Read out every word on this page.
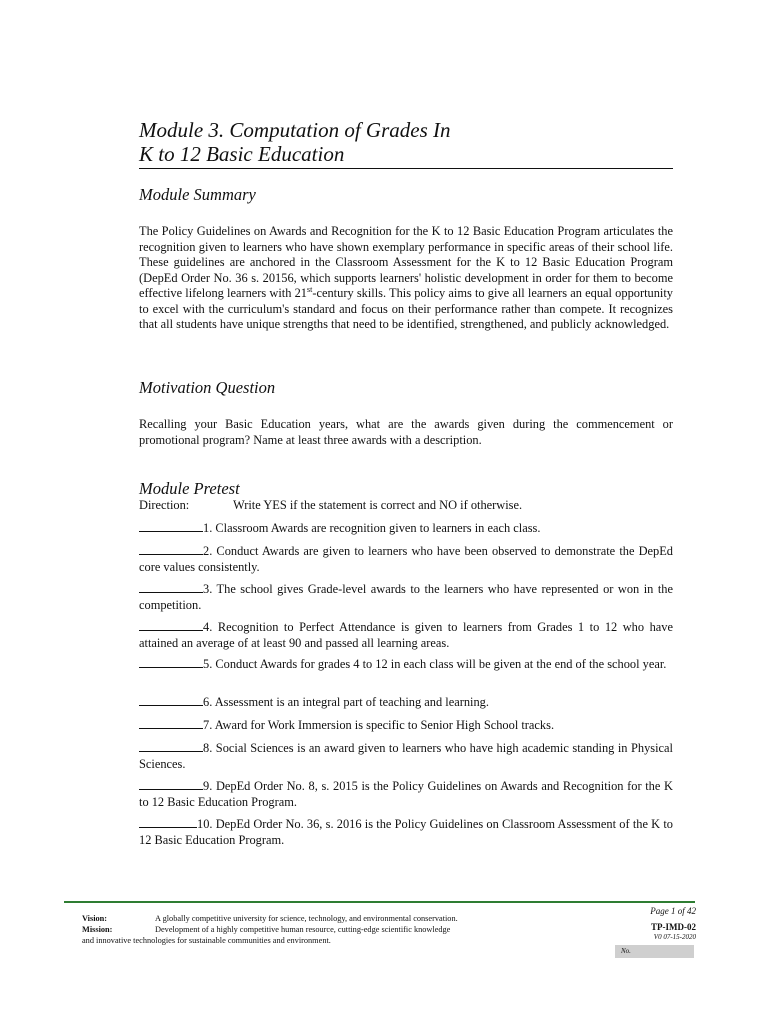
Module 3. Computation of Grades In
K to 12 Basic Education
Module Summary
The Policy Guidelines on Awards and Recognition for the K to 12 Basic Education Program articulates the recognition given to learners who have shown exemplary performance in specific areas of their school life. These guidelines are anchored in the Classroom Assessment for the K to 12 Basic Education Program (DepEd Order No. 36 s. 20156, which supports learners' holistic development in order for them to become effective lifelong learners with 21st-century skills. This policy aims to give all learners an equal opportunity to excel with the curriculum's standard and focus on their performance rather than compete. It recognizes that all students have unique strengths that need to be identified, strengthened, and publicly acknowledged.
Motivation Question
Recalling your Basic Education years, what are the awards given during the commencement or promotional program? Name at least three awards with a description.
Module Pretest
Direction:	Write YES if the statement is correct and NO if otherwise.
1. Classroom Awards are recognition given to learners in each class.
2. Conduct Awards are given to learners who have been observed to demonstrate the DepEd core values consistently.
3. The school gives Grade-level awards to the learners who have represented or won in the competition.
4. Recognition to Perfect Attendance is given to learners from Grades 1 to 12 who have attained an average of at least 90 and passed all learning areas.
5. Conduct Awards for grades 4 to 12 in each class will be given at the end of the school year.
6. Assessment is an integral part of teaching and learning.
7. Award for Work Immersion is specific to Senior High School tracks.
8. Social Sciences is an award given to learners who have high academic standing in Physical Sciences.
9. DepEd Order No. 8, s. 2015 is the Policy Guidelines on Awards and Recognition for the K to 12 Basic Education Program.
10. DepEd Order No. 36, s. 2016 is the Policy Guidelines on Classroom Assessment of the K to 12 Basic Education Program.
Vision:	A globally competitive university for science, technology, and environmental conservation.
Mission:	Development of a highly competitive human resource, cutting-edge scientific knowledge
and innovative technologies for sustainable communities and environment.
Page 1 of 42
TP-IMD-02
V0 07-15-2020
No.
